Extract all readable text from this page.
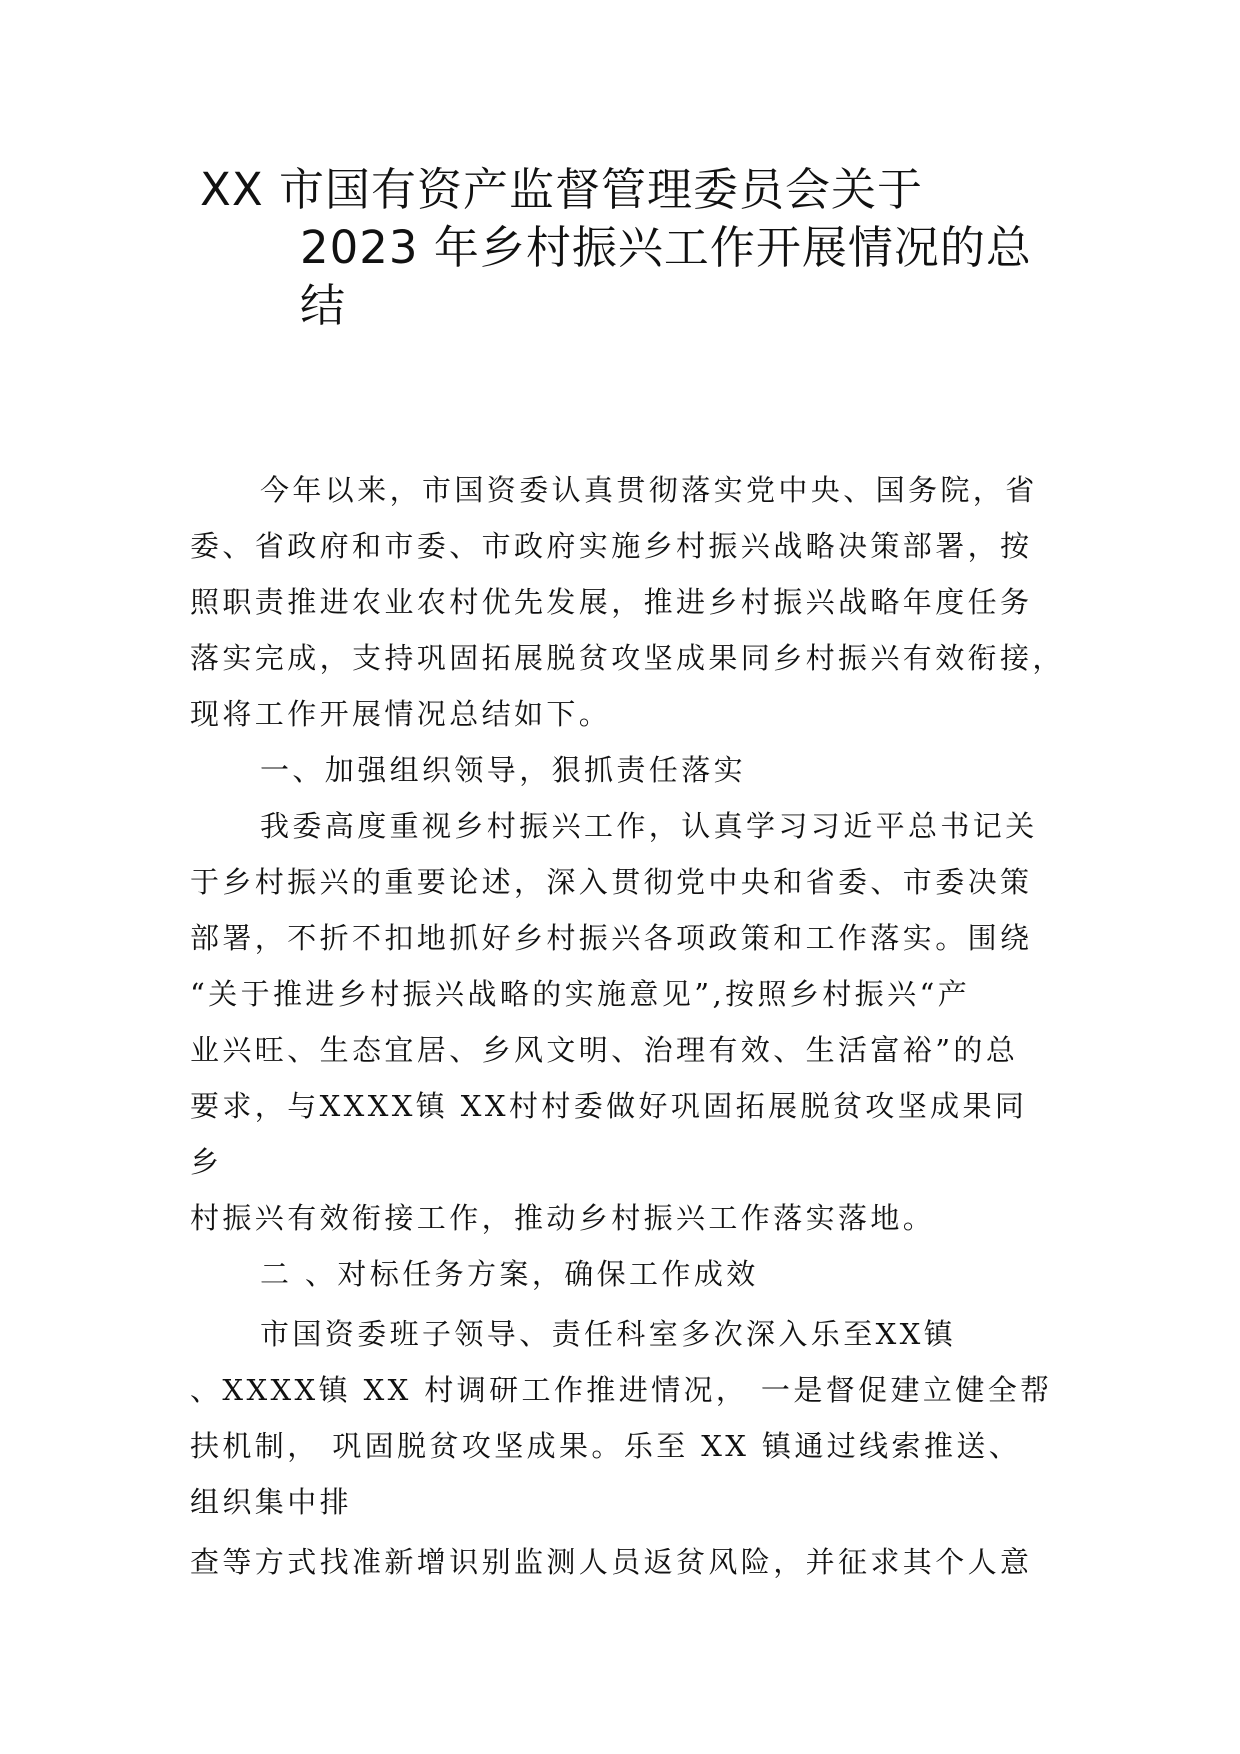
XX 市国有资产监督管理委员会关于
2023 年乡村振兴工作开展情况的总
结

今年以来，市国资委认真贯彻落实党中央、国务院，省

委、省政府和市委、市政府实施乡村振兴战略决策部署，按

照职责推进农业农村优先发展，推进乡村振兴战略年度任务

落实完成，支持巩固拓展脱贫攻坚成果同乡村振兴有效衔接，

现将工作开展情况总结如下。

一、加强组织领导，狠抓责任落实

我委高度重视乡村振兴工作，认真学习习近平总书记关

于乡村振兴的重要论述，深入贯彻党中央和省委、市委决策

部署，不折不扣地抓好乡村振兴各项政策和工作落实。围绕

“关于推进乡村振兴战略的实施意见”,按照乡村振兴“产

业兴旺、生态宜居、乡风文明、治理有效、生活富裕”的总

要求，与XXXX镇 XX村村委做好巩固拓展脱贫攻坚成果同

乡

村振兴有效衔接工作，推动乡村振兴工作落实落地。

二 、对标任务方案，确保工作成效

市国资委班子领导、责任科室多次深入乐至XX镇

、XXXX镇 XX 村调研工作推进情况， 一是督促建立健全帮

扶机制， 巩固脱贫攻坚成果。乐至 XX 镇通过线索推送、

组织集中排

查等方式找准新增识别监测人员返贫风险，并征求其个人意
